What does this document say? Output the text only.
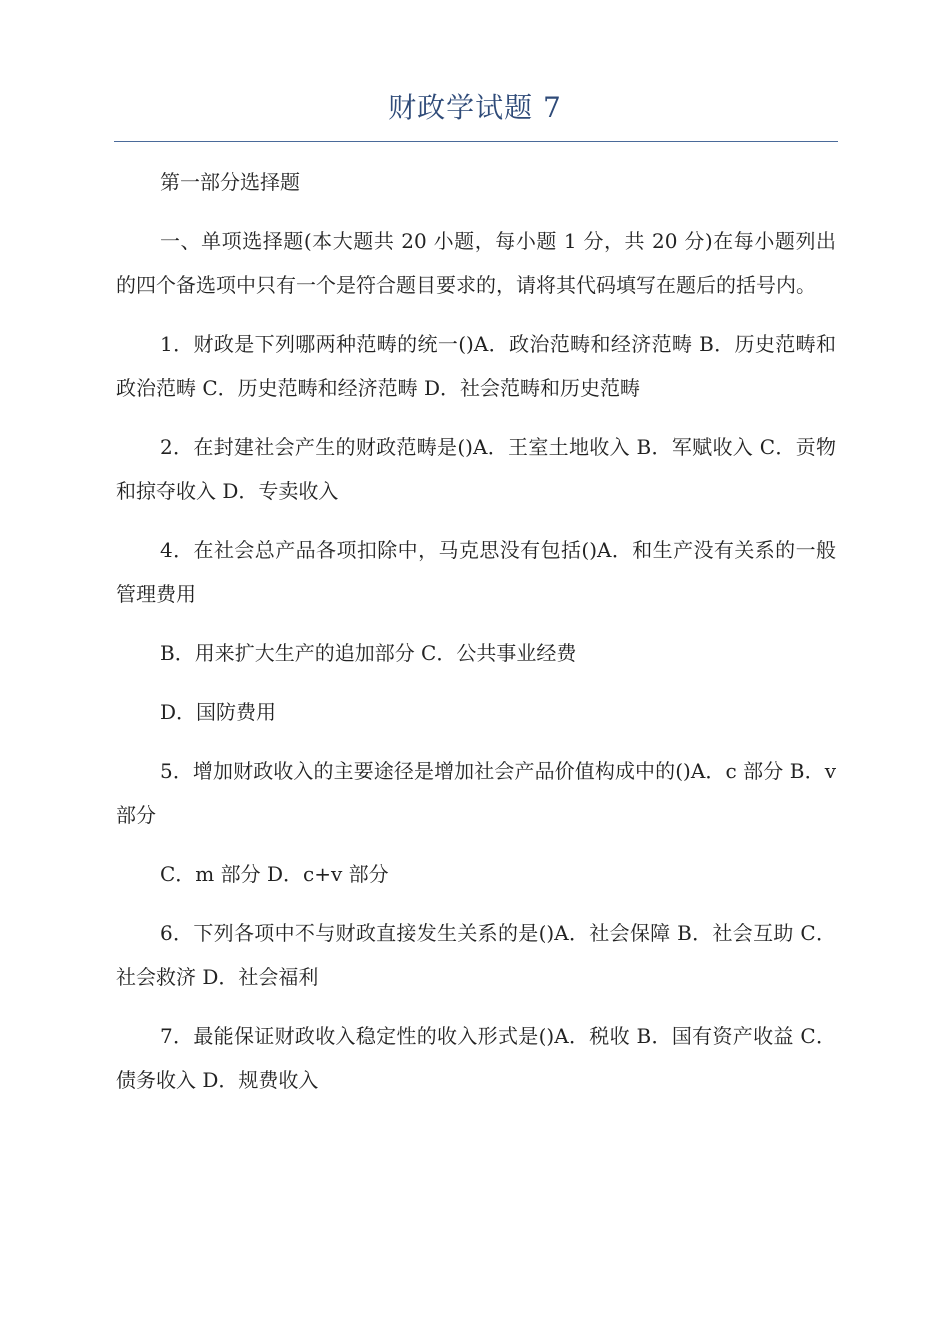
财政学试题 7

第一部分选择题

一、单项选择题(本大题共 20 小题，每小题 1 分，共 20 分)在每小题列出的四个备选项中只有一个是符合题目要求的，请将其代码填写在题后的括号内。

1．财政是下列哪两种范畴的统一()A．政治范畴和经济范畴 B．历史范畴和政治范畴 C．历史范畴和经济范畴 D．社会范畴和历史范畴

2．在封建社会产生的财政范畴是()A．王室土地收入 B．军赋收入 C．贡物和掠夺收入 D．专卖收入

4．在社会总产品各项扣除中，马克思没有包括()A．和生产没有关系的一般管理费用

B．用来扩大生产的追加部分 C．公共事业经费

D．国防费用

5．增加财政收入的主要途径是增加社会产品价值构成中的()A．c 部分 B．v 部分

C．m 部分 D．c+v 部分

6．下列各项中不与财政直接发生关系的是()A．社会保障 B．社会互助 C．社会救济 D．社会福利

7．最能保证财政收入稳定性的收入形式是()A．税收 B．国有资产收益 C．债务收入 D．规费收入
